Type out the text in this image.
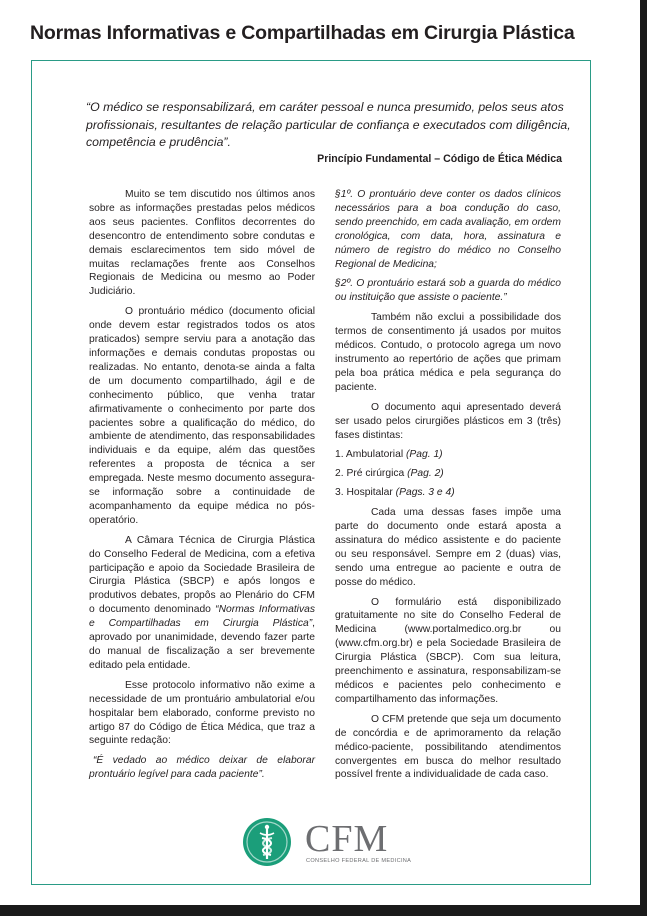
Normas Informativas e Compartilhadas em Cirurgia Plástica
“O médico se responsabilizará, em caráter pessoal e nunca presumido, pelos seus atos profissionais, resultantes de relação particular de confiança e executados com diligência, competência e prudência”.
Princípio Fundamental – Código de Ética Médica

Muito se tem discutido nos últimos anos sobre as informações prestadas pelos médicos aos seus pacientes. Conflitos decorrentes do desencontro de entendimento sobre condutas e demais esclarecimentos tem sido móvel de muitas reclamações frente aos Conselhos Regionais de Medicina ou mesmo ao Poder Judiciário.

O prontuário médico (documento oficial onde devem estar registrados todos os atos praticados) sempre serviu para a anotação das informações e demais condutas propostas ou realizadas. No entanto, denota-se ainda a falta de um documento compartilhado, ágil e de conhecimento público, que venha tratar afirmativamente o conhecimento por parte dos pacientes sobre a qualificação do médico, do ambiente de atendimento, das responsabilidades individuais e da equipe, além das questões referentes a proposta de técnica a ser empregada. Neste mesmo documento assegura-se informação sobre a continuidade de acompanhamento da equipe médica no pós-operatório.

A Câmara Técnica de Cirurgia Plástica do Conselho Federal de Medicina, com a efetiva participação e apoio da Sociedade Brasileira de Cirurgia Plástica (SBCP) e após longos e produtivos debates, propôs ao Plenário do CFM o documento denominado “Normas Informativas e Compartilhadas em Cirurgia Plástica”, aprovado por unanimidade, devendo fazer parte do manual de fiscalização a ser brevemente editado pela entidade.

Esse protocolo informativo não exime a necessidade de um prontuário ambulatorial e/ou hospitalar bem elaborado, conforme previsto no artigo 87 do Código de Ética Médica, que traz a seguinte redação:

“É vedado ao médico deixar de elaborar prontuário legível para cada paciente”.

§1º. O prontuário deve conter os dados clínicos necessários para a boa condução do caso, sendo preenchido, em cada avaliação, em ordem cronológica, com data, hora, assinatura e número de registro do médico no Conselho Regional de Medicina;

§2º. O prontuário estará sob a guarda do médico ou instituição que assiste o paciente.”

Também não exclui a possibilidade dos termos de consentimento já usados por muitos médicos. Contudo, o protocolo agrega um novo instrumento ao repertório de ações que primam pela boa prática médica e pela segurança do paciente.

O documento aqui apresentado deverá ser usado pelos cirurgiões plásticos em 3 (três) fases distintas:

1. Ambulatorial (Pag. 1)
2. Pré cirúrgica (Pag. 2)
3. Hospitalar (Pags. 3 e 4)

Cada uma dessas fases impõe uma parte do documento onde estará aposta a assinatura do médico assistente e do paciente ou seu responsável. Sempre em 2 (duas) vias, sendo uma entregue ao paciente e outra de posse do médico.

O formulário está disponibilizado gratuitamente no site do Conselho Federal de Medicina (www.portalmedico.org.br ou (www.cfm.org.br) e pela Sociedade Brasileira de Cirurgia Plástica (SBCP). Com sua leitura, preenchimento e assinatura, responsabilizam-se médicos e pacientes pelo conhecimento e compartilhamento das informações.

O CFM pretende que seja um documento de concórdia e de aprimoramento da relação médico-paciente, possibilitando atendimentos convergentes em busca do melhor resultado possível frente a individualidade de cada caso.

CFM
CONSELHO FEDERAL DE MEDICINA
